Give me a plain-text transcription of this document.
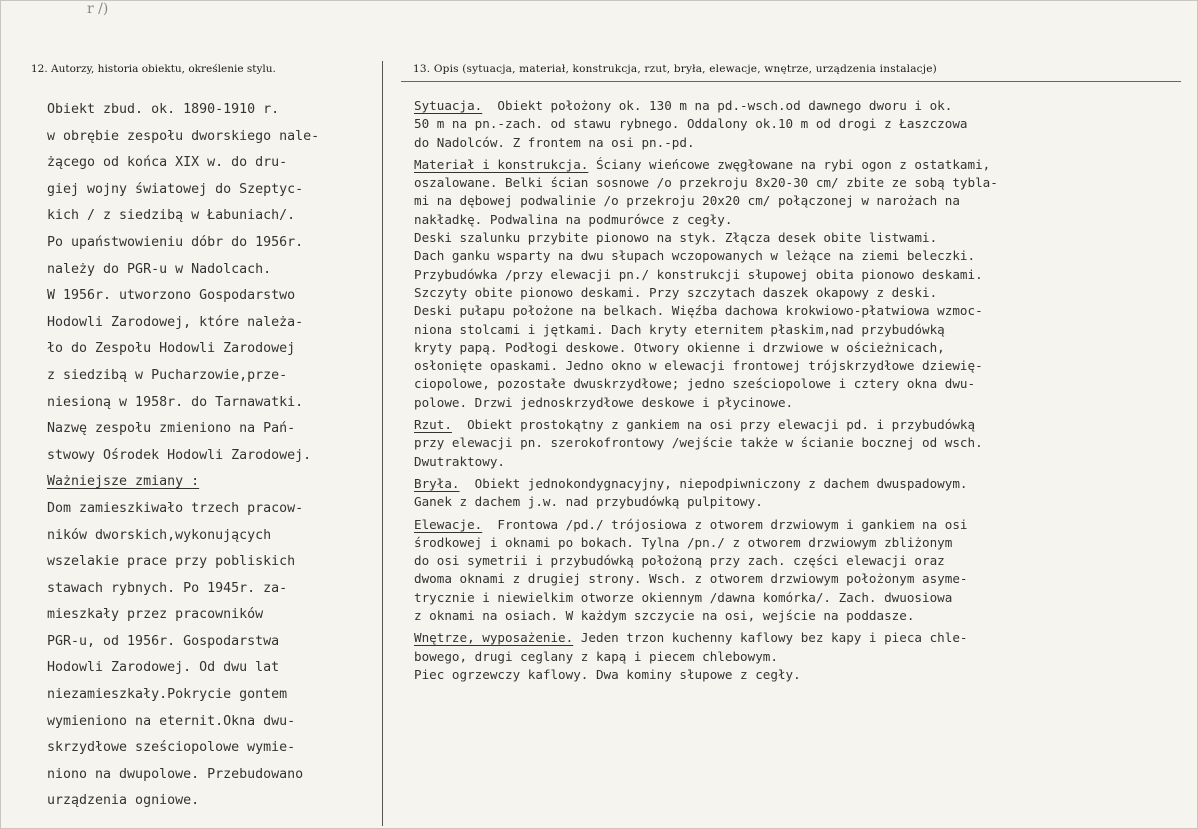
r /)
12. Autorzy, historia obiektu, określenie stylu.	13. Opis (sytuacja, materiał, konstrukcja, rzut, bryła, elewacje, wnętrze, urządzenia instalacje)
Obiekt zbud. ok. 1890-1910 r.
w obrębie zespołu dworskiego nale-
żącego od końca XIX w. do dru-
giej wojny światowej do Szeptyc-
kich / z siedzibą w Łabuniach/.
Po upaństwowieniu dóbr do 1956r.
należy do PGR-u w Nadolcach.
W 1956r. utworzono Gospodarstwo
Hodowli Zarodowej, które należa-
ło do Zespołu Hodowli Zarodowej
z siedzibą w Pucharzowie,prze-
niesioną w 1958r. do Tarnawatki.
Nazwę zespołu zmieniono na Pań-
stwowy Ośrodek Hodowli Zarodowej.
Ważniejsze zmiany :
Dom zamieszkiwało trzech pracow-
ników dworskich,wykonujących
wszelakie prace przy pobliskich
stawach rybnych. Po 1945r. za-
mieszkały przez pracowników
PGR-u, od 1956r. Gospodarstwa
Hodowli Zarodowej. Od dwu lat
niezamieszkały.Pokrycie gontem
wymieniono na eternit.Okna dwu-
skrzydłowe sześciopolowe wymie-
niono na dwupolowe. Przebudowano
urządzenia ogniowe.
Sytuacja.  Obiekt położony ok. 130 m na pd.-wsch.od dawnego dworu i ok.
50 m na pn.-zach. od stawu rybnego. Oddalony ok.10 m od drogi z Łaszczowa
do Nadolców. Z frontem na osi pn.-pd.
Materiał i konstrukcja. Ściany wieńcowe zwęgłowane na rybi ogon z ostatkami,
oszalowane. Belki ścian sosnowe /o przekroju 8x20-30 cm/ zbite ze sobą tybla-
mi na dębowej podwalinie /o przekroju 20x20 cm/ połączonej w narożach na
nakładkę. Podwalina na podmurówce z cegły.
Deski szalunku przybite pionowo na styk. Złącza desek obite listwami.
Dach ganku wsparty na dwu słupach wczopowanych w leżące na ziemi beleczki.
Przybudówka /przy elewacji pn./ konstrukcji słupowej obita pionowo deskami.
Szczyty obite pionowo deskami. Przy szczytach daszek okapowy z deski.
Deski pułapu położone na belkach. Więźba dachowa krokwiowo-płatwiowa wzmoc-
niona stolcami i jętkami. Dach kryty eternitem płaskim,nad przybudówką
kryty papą. Podłogi deskowe. Otwory okienne i drzwiowe w ościeżnicach,
osłonięte opaskami. Jedno okno w elewacji frontowej trójskrzydłowe dziewię-
ciopolowe, pozostałe dwuskrzydłowe; jedno sześciopolowe i cztery okna dwu-
polowe. Drzwi jednoskrzydłowe deskowe i płycinowe.
Rzut.  Obiekt prostokątny z gankiem na osi przy elewacji pd. i przybudówką
przy elewacji pn. szerokofrontowy /wejście także w ścianie bocznej od wsch.
Dwutraktowy.
Bryła.  Obiekt jednokondygnacyjny, niepodpiwniczony z dachem dwuspadowym.
Ganek z dachem j.w. nad przybudówką pulpitowy.
Elewacje.  Frontowa /pd./ trójosiowa z otworem drzwiowym i gankiem na osi
środkowej i oknami po bokach. Tylna /pn./ z otworem drzwiowym zbliżonym
do osi symetrii i przybudówką położoną przy zach. części elewacji oraz
dwoma oknami z drugiej strony. Wsch. z otworem drzwiowym położonym asyme-
trycznie i niewielkim otworze okiennym /dawna komórka/. Zach. dwuosiowa
z oknami na osiach. W każdym szczycie na osi, wejście na poddasze.
Wnętrze, wyposażenie. Jeden trzon kuchenny kaflowy bez kapy i pieca chle-
bowego, drugi ceglany z kapą i piecem chlebowym.
Piec ogrzewczy kaflowy. Dwa kominy słupowe z cegły.
